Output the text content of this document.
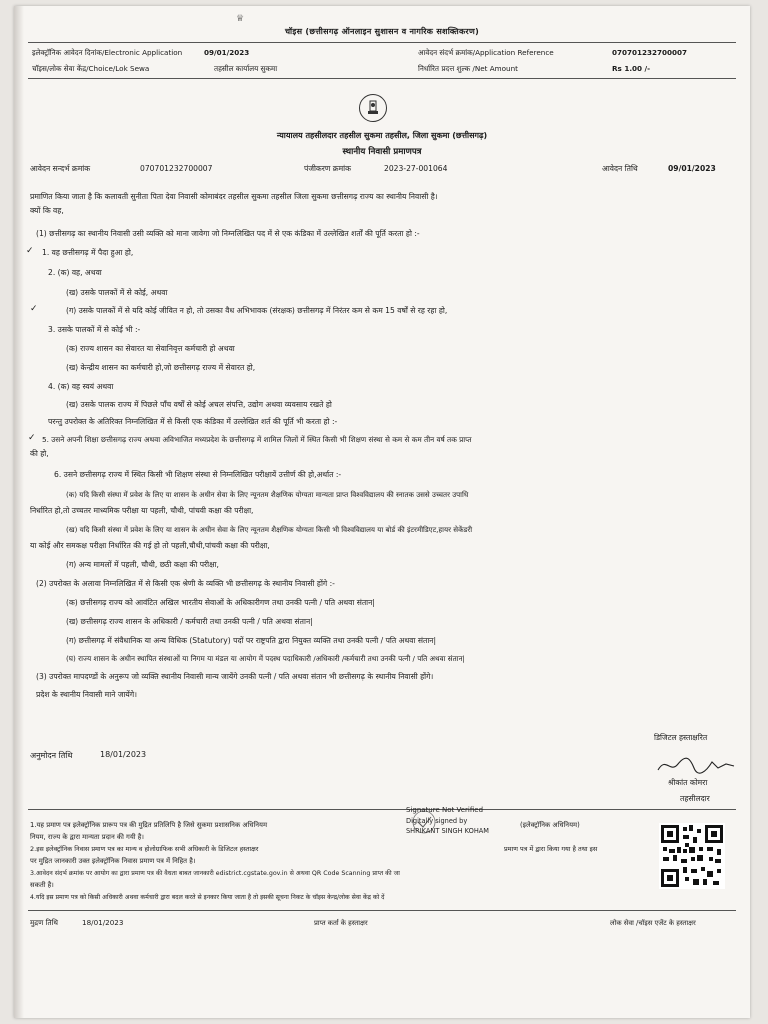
♕
चॉइस (छत्तीसगढ़ ऑनलाइन सुशासन व नागरिक सशक्तिकरण)
इलेक्ट्रॉनिक आवेदन दिनांक/Electronic Application	09/01/2023	आवेदन संदर्भ क्रमांक/Application Reference	070701232700007
चॉइस/लोक सेवा केंद्र/Choice/Lok Sewa	तहसील कार्यालय सुकमा	निर्धारित प्रदत्त शुल्क /Net Amount	Rs 1.00 /-
न्यायालय तहसीलदार तहसील सुकमा तहसील, जिला सुकमा (छत्तीसगढ़)
स्थानीय निवासी प्रमाणपत्र
आवेदन सन्दर्भ क्रमांक	070701232700007	पंजीकरण क्रमांक	2023-27-001064	आवेदन तिथि	09/01/2023
प्रमाणित किया जाता है कि कलावती सुनीता पिता देवा निवासी कोमाबंदर तहसील सुकमा तहसील जिला सुकमा छत्तीसगढ़ राज्य का स्थानीय निवासी है।
क्यों कि वह,
(1) छत्तीसगढ़ का स्थानीय निवासी उसी व्यक्ति को माना जावेगा जो निम्नलिखित पद में से एक कंडिका में उल्लेखित शर्तों की पूर्ति करता हो :-
✓ 1. वह छत्तीसगढ़ में पैदा हुआ हो,
2. (क) वह, अथवा
(ख) उसके पालकों में से कोई, अथवा
✓	(ग) उसके पालकों में से यदि कोई जीवित न हो, तो उसका वैध अभिभावक (संरक्षक) छत्तीसगढ़ में निरंतर कम से कम 15 वर्षों से रह रहा हो,
3. उसके पालकों में से कोई भी :-
(क) राज्य शासन का सेवारत या सेवानिवृत्त कर्मचारी हो अथवा
(ख) केन्द्रीय शासन का कर्मचारी हो,जो छत्तीसगढ़ राज्य में सेवारत हो,
4. (क) वह स्वयं अथवा
(ख) उसके पालक राज्य में पिछले पाँच वर्षों से कोई अचल संपत्ति, उद्योग अथवा व्यवसाय रखते हो
परन्तु उपरोक्त के अतिरिक्त निम्नलिखित में से किसी एक कंडिका में उल्लेखित शर्त की पूर्ति भी करता हो :-
✓ 5. उसने अपनी शिक्षा छत्तीसगढ़ राज्य अथवा अविभाजित मध्यप्रदेश के छत्तीसगढ़ में शामिल जिलों में स्थित किसी भी शिक्षण संस्था से कम से कम तीन वर्ष तक प्राप्त
की हो,
6. उसने छत्तीसगढ़ राज्य में स्थित किसी भी शिक्षण संस्था से निम्नलिखित परीक्षायें उत्तीर्ण की हो,अर्थात :-
(क) यदि किसी संस्था में प्रवेश के लिए या शासन के अधीन सेवा के लिए न्यूनतम शैक्षणिक योग्यता मान्यता प्राप्त विश्वविद्यालय की स्नातक उससे उच्चतर उपाधि
निर्धारित हो,तो उच्चतर माध्यमिक परीक्षा या पहली, चौथी, पांचवी कक्षा की परीक्षा,
(ख) यदि किसी संस्था में प्रवेश के लिए या शासन के अधीन सेवा के लिए न्यूनतम शैक्षणिक योग्यता किसी भी विश्वविद्यालय या बोर्ड की इंटरमीडिएट,हायर सेकेंडरी
या कोई और समकक्ष परीक्षा निर्धारित की गई हो तो पहली,चौथी,पांचवी कक्षा की परीक्षा,
(ग) अन्य मामलों में पहली, चौथी, छठी कक्षा की परीक्षा,
(2) उपरोक्त के अलावा निम्नलिखित में से किसी एक श्रेणी के व्यक्ति भी छत्तीसगढ़ के स्थानीय निवासी होंगे :-
(क) छत्तीसगढ़ राज्य को आवंटित अखिल भारतीय सेवाओं के अधिकारीगण तथा उनकी पत्नी / पति अथवा संतान|
(ख) छत्तीसगढ़ राज्य शासन के अधिकारी / कर्मचारी तथा उनकी पत्नी / पति अथवा संतान|
(ग) छत्तीसगढ़ में संवैधानिक या अन्य विधिक (Statutory) पदों पर राष्ट्रपति द्वारा नियुक्त व्यक्ति तथा उनकी पत्नी / पति अथवा संतान|
(घ) राज्य शासन के अधीन स्थापित संस्थाओं या निगम या मंडल या आयोग में पदस्थ पदाधिकारी /अधिकारी /कर्मचारी तथा उनकी पत्नी / पति अथवा संतान|
(3) उपरोक्त मापदण्डों के अनुरूप जो व्यक्ति स्थानीय निवासी मान्य जायेंगे उनकी पत्नी / पति अथवा संतान भी छत्तीसगढ़ के स्थानीय निवासी होंगे।
प्रदेश के स्थानीय निवासी माने जायेंगे।
डिजिटल हस्ताक्षरित
अनुमोदन तिथि	18/01/2023
श्रीकांत कोमरा
तहसीलदार
Signature Not Verified
Digitally signed by
SHRIKANT SINGH KOHAM
1.यह प्रमाण पत्र इलेक्ट्रॉनिक प्रारूप पत्र की मुद्रित प्रतिलिपि है जिसे सुकमा प्रशासनिक अधिनियम	(इलेक्ट्रॉनिक अधिनियम)
नियम, राज्य के द्वारा मान्यता प्रदान की गयी है।
2.इस इलेक्ट्रॉनिक निवास प्रमाण पत्र का मान्य व होलोग्राफिक सभी अधिकारी के डिजिटल हस्ताक्षर	प्रमाण पत्र में द्वारा किया गया है तथा इस
पर मुद्रित जानकारी उक्त इलेक्ट्रॉनिक निवास प्रमाण पत्र में निहित है।
3.आवेदन संदर्भ क्रमांक पर आयोग का द्वारा प्रमाण पत्र की वैधता बाबत जानकारी edistrict.cgstate.gov.in से अथवा QR Code Scanning प्राप्त की जा
सकती है।
4.यदि इस प्रमाण पत्र को किसी अधिकारी अथवा कर्मचारी द्वारा बदल करते से इनकार किया जाता है तो इसकी सूचना निकट के चॉइस केन्द्र/लोक सेवा केंद्र को दें
मुद्रण तिथि	18/01/2023	प्राप्त कर्ता के हस्ताक्षर	लोक सेवा /चॉइस एजेंट के हस्ताक्षर
